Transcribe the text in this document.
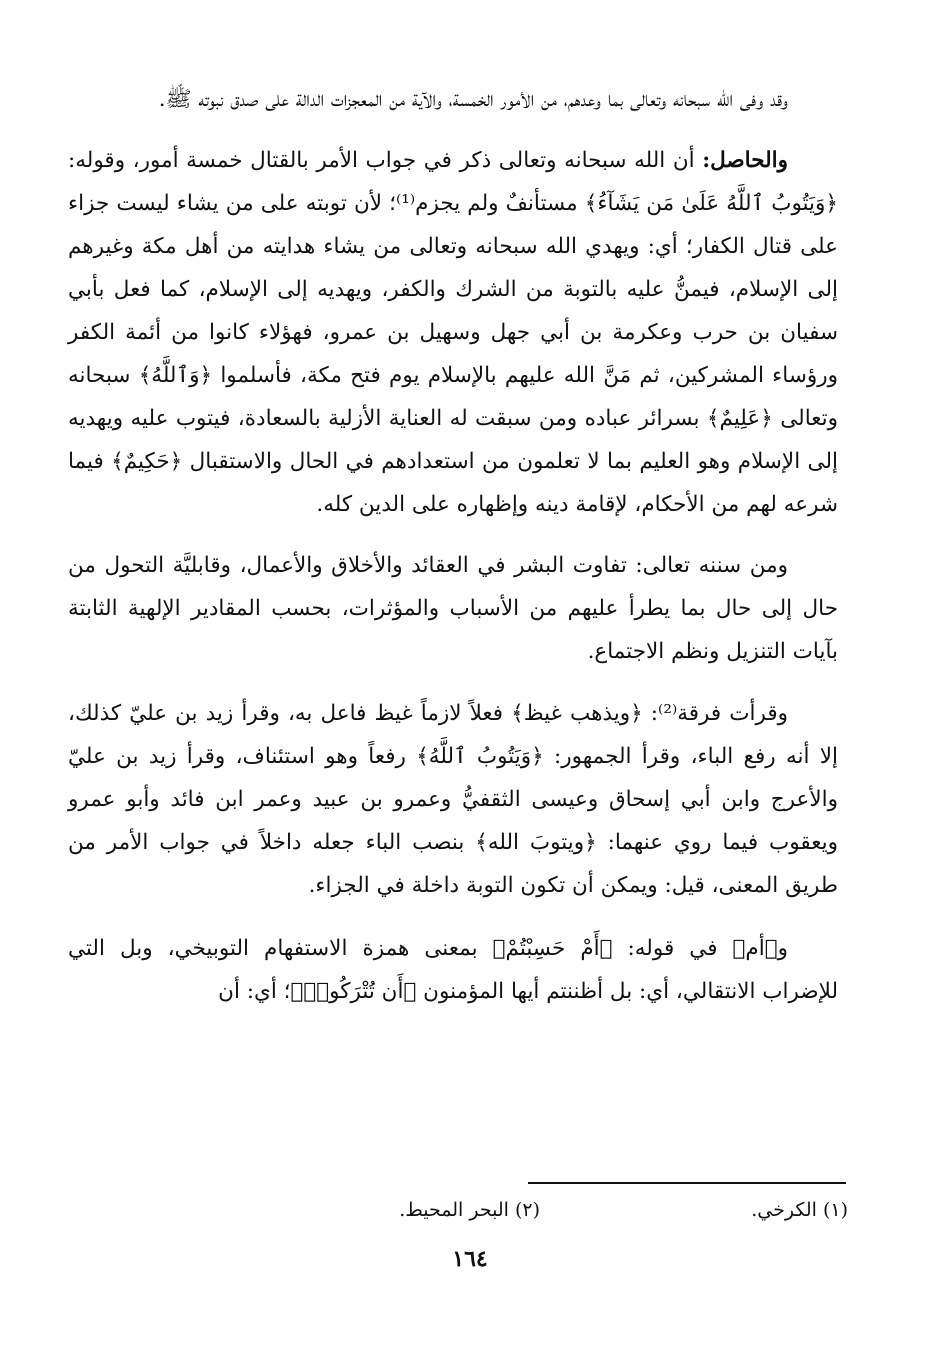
وقد وفى الله سبحانه وتعالى بما وعدهم، من الأمور الخمسة، والآية من المعجزات الدالة على صدق نبوته ﷺ.

والحاصل: أن الله سبحانه وتعالى ذكر في جواب الأمر بالقتال خمسة أمور، وقوله: ﴿وَيَتُوبُ ٱللَّهُ عَلَىٰ مَن يَشَآءُ﴾ مستأنفٌ ولم يجزم⁽¹⁾؛ لأن توبته على من يشاء ليست جزاء على قتال الكفار؛ أي: ويهدي الله سبحانه وتعالى من يشاء هدايته من أهل مكة وغيرهم إلى الإسلام، فيمنُّ عليه بالتوبة من الشرك والكفر، ويهديه إلى الإسلام، كما فعل بأبي سفيان بن حرب وعكرمة بن أبي جهل وسهيل بن عمرو، فهؤلاء كانوا من أئمة الكفر ورؤساء المشركين، ثم مَنَّ الله عليهم بالإسلام يوم فتح مكة، فأسلموا ﴿وَٱللَّهُ﴾ سبحانه وتعالى ﴿عَلِيمٌ﴾ بسرائر عباده ومن سبقت له العناية الأزلية بالسعادة، فيتوب عليه ويهديه إلى الإسلام وهو العليم بما لا تعلمون من استعدادهم في الحال والاستقبال ﴿حَكِيمٌ﴾ فيما شرعه لهم من الأحكام، لإقامة دينه وإظهاره على الدين كله.

ومن سننه تعالى: تفاوت البشر في العقائد والأخلاق والأعمال، وقابليَّة التحول من حال إلى حال بما يطرأ عليهم من الأسباب والمؤثرات، بحسب المقادير الإلهية الثابتة بآيات التنزيل ونظم الاجتماع.

وقرأت فرقة⁽²⁾: ﴿ويذهب غيظ﴾ فعلاً لازماً غيظ فاعل به، وقرأ زيد بن عليّ كذلك، إلا أنه رفع الباء، وقرأ الجمهور: ﴿وَيَتُوبُ ٱللَّهُ﴾ رفعاً وهو استئناف، وقرأ زيد بن عليّ والأعرج وابن أبي إسحاق وعيسى الثقفيُّ وعمرو بن عبيد وعمر ابن فائد وأبو عمرو ويعقوب فيما روي عنهما: ﴿ويتوبَ الله﴾ بنصب الباء جعله داخلاً في جواب الأمر من طريق المعنى، قيل: ويمكن أن تكون التوبة داخلة في الجزاء.

و﴿أم﴾ في قوله: ﴿أَمْ حَسِبْتُمْ﴾ بمعنى همزة الاستفهام التوبيخي، وبل التي للإضراب الانتقالي، أي: بل أظننتم أيها المؤمنون ﴿أَن تُتْرَكُوا۟﴾؛ أي: أن

(١) الكرخي.
(٢) البحر المحيط.
١٦٤
